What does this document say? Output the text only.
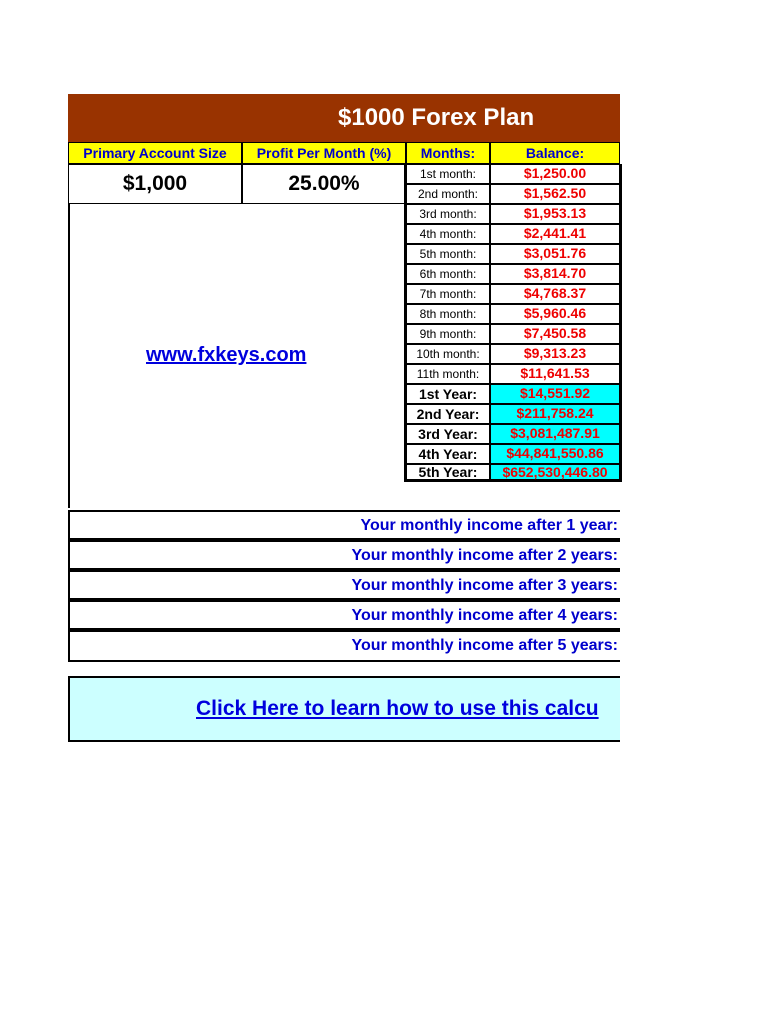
$1000 Forex Plan
Primary Account Size	Profit Per Month (%)	Months:	Balance:
$1,000	25.00%
www.fxkeys.com
1st month:	$1,250.00
2nd month:	$1,562.50
3rd month:	$1,953.13
4th month:	$2,441.41
5th month:	$3,051.76
6th month:	$3,814.70
7th month:	$4,768.37
8th month:	$5,960.46
9th month:	$7,450.58
10th month:	$9,313.23
11th month:	$11,641.53
1st Year:	$14,551.92
2nd Year:	$211,758.24
3rd Year:	$3,081,487.91
4th Year:	$44,841,550.86
5th Year:	$652,530,446.80
Your monthly income after 1 year:
Your monthly income after 2 years:
Your monthly income after 3 years:
Your monthly income after 4 years:
Your monthly income after 5 years:
Click Here to learn how to use this calcu
